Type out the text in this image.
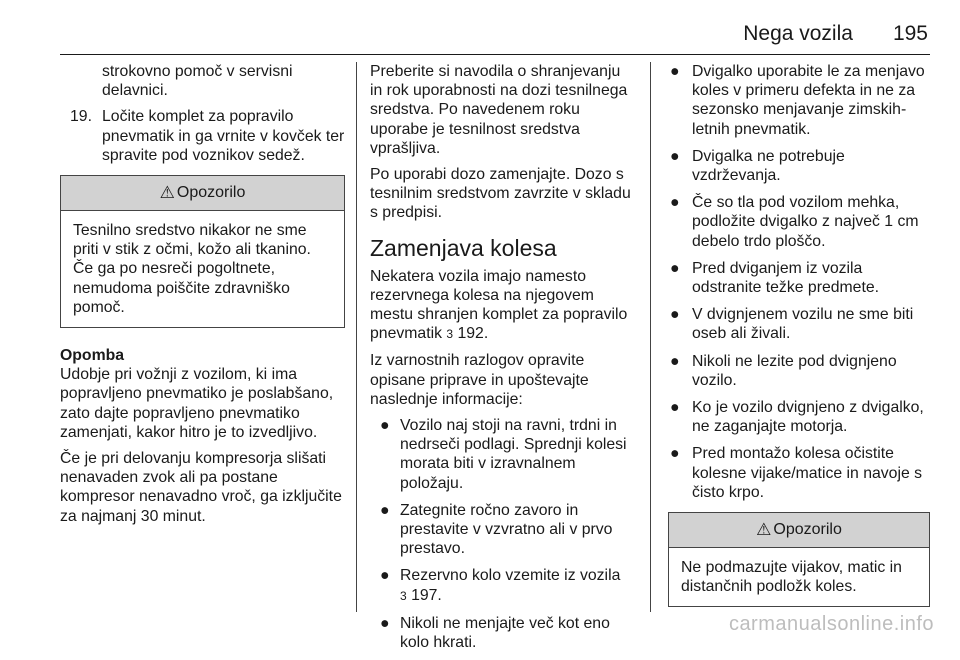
Nega vozila 195

strokovno pomoč v servisni delavnici.

19. Ločite komplet za popravilo pnevmatik in ga vrnite v kovček ter spravite pod voznikov sedež.
⚠ Opozorilo
Tesnilno sredstvo nikakor ne sme priti v stik z očmi, kožo ali tkanino. Če ga po nesreči pogoltnete, nemudoma poiščite zdravniško pomoč.

Opomba

Udobje pri vožnji z vozilom, ki ima popravljeno pnevmatiko je poslabšano, zato dajte popravljeno pnevmatiko zamenjati, kakor hitro je to izvedljivo.

Če je pri delovanju kompresorja slišati nenavaden zvok ali pa postane kompresor nenavadno vroč, ga izključite za najmanj 30 minut.

Preberite si navodila o shranjevanju in rok uporabnosti na dozi tesnilnega sredstva. Po navedenem roku uporabe je tesnilnost sredstva vprašljiva.

Po uporabi dozo zamenjajte. Dozo s tesnilnim sredstvom zavrzite v skladu s predpisi.

Zamenjava kolesa

Nekatera vozila imajo namesto rezervnega kolesa na njegovem mestu shranjen komplet za popravilo pnevmatik 3 192.

Iz varnostnih razlogov opravite opisane priprave in upoštevajte naslednje informacije:

● Vozilo naj stoji na ravni, trdni in nedrseči podlagi. Sprednji kolesi morata biti v izravnalnem položaju.
● Zategnite ročno zavoro in prestavite v vzvratno ali v prvo prestavo.
● Rezervno kolo vzemite iz vozila
3 197.
● Nikoli ne menjajte več kot eno kolo hkrati.
● Dvigalko uporabite le za menjavo koles v primeru defekta in ne za sezonsko menjavanje zimskih-letnih pnevmatik.
● Dvigalka ne potrebuje vzdrževanja.
● Če so tla pod vozilom mehka, podložite dvigalko z največ 1 cm debelo trdo ploščo.
● Pred dviganjem iz vozila odstranite težke predmete.
● V dvignjenem vozilu ne sme biti oseb ali živali.
● Nikoli ne lezite pod dvignjeno vozilo.
● Ko je vozilo dvignjeno z dvigalko, ne zaganjajte motorja.
● Pred montažo kolesa očistite kolesne vijake/matice in navoje s čisto krpo.
⚠ Opozorilo
Ne podmazujte vijakov, matic in distančnih podložk koles.
carmanualsonline.info
